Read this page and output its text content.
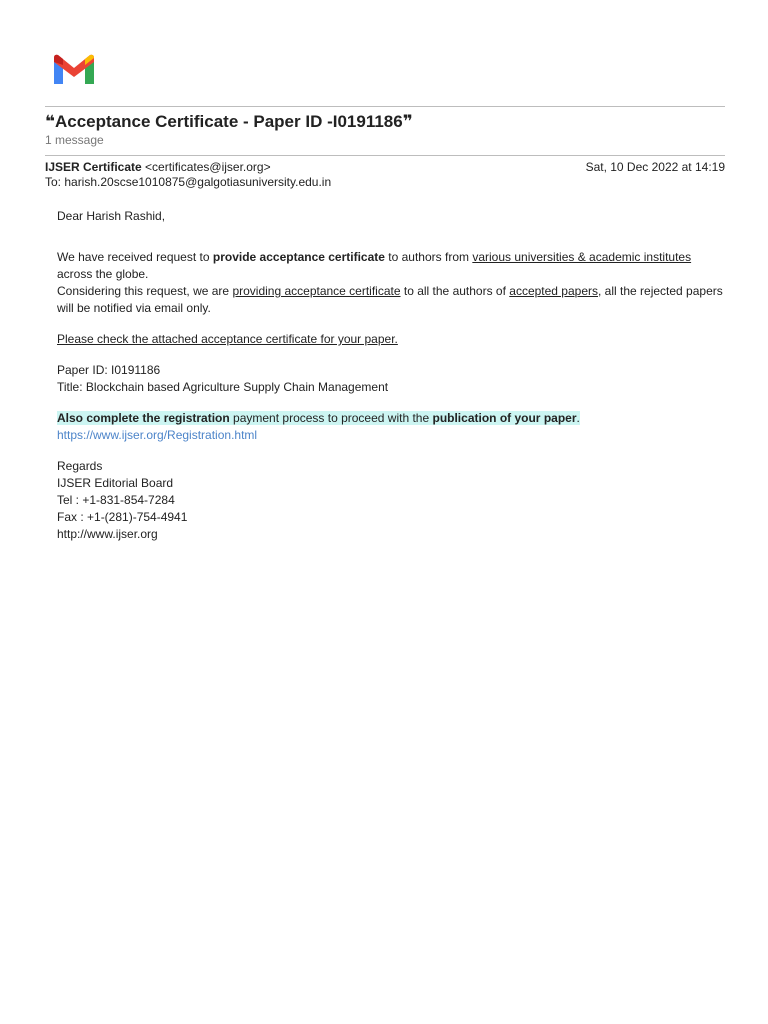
❝Acceptance Certificate - Paper ID -I0191186❞
1 message
IJSER Certificate <certificates@ijser.org>	Sat, 10 Dec 2022 at 14:19
To: harish.20scse1010875@galgotiasuniversity.edu.in

Dear Harish Rashid,

We have received request to provide acceptance certificate to authors from various universities & academic institutes across the globe.

Considering this request, we are providing acceptance certificate to all the authors of accepted papers, all the rejected papers will be notified via email only.

Please check the attached acceptance certificate for your paper.

Paper ID: I0191186

Title: Blockchain based Agriculture Supply Chain Management

Also complete the registration payment process to proceed with the publication of your paper.

https://www.ijser.org/Registration.html

Regards

IJSER Editorial Board

Tel : +1-831-854-7284

Fax : +1-(281)-754-4941

http://www.ijser.org
